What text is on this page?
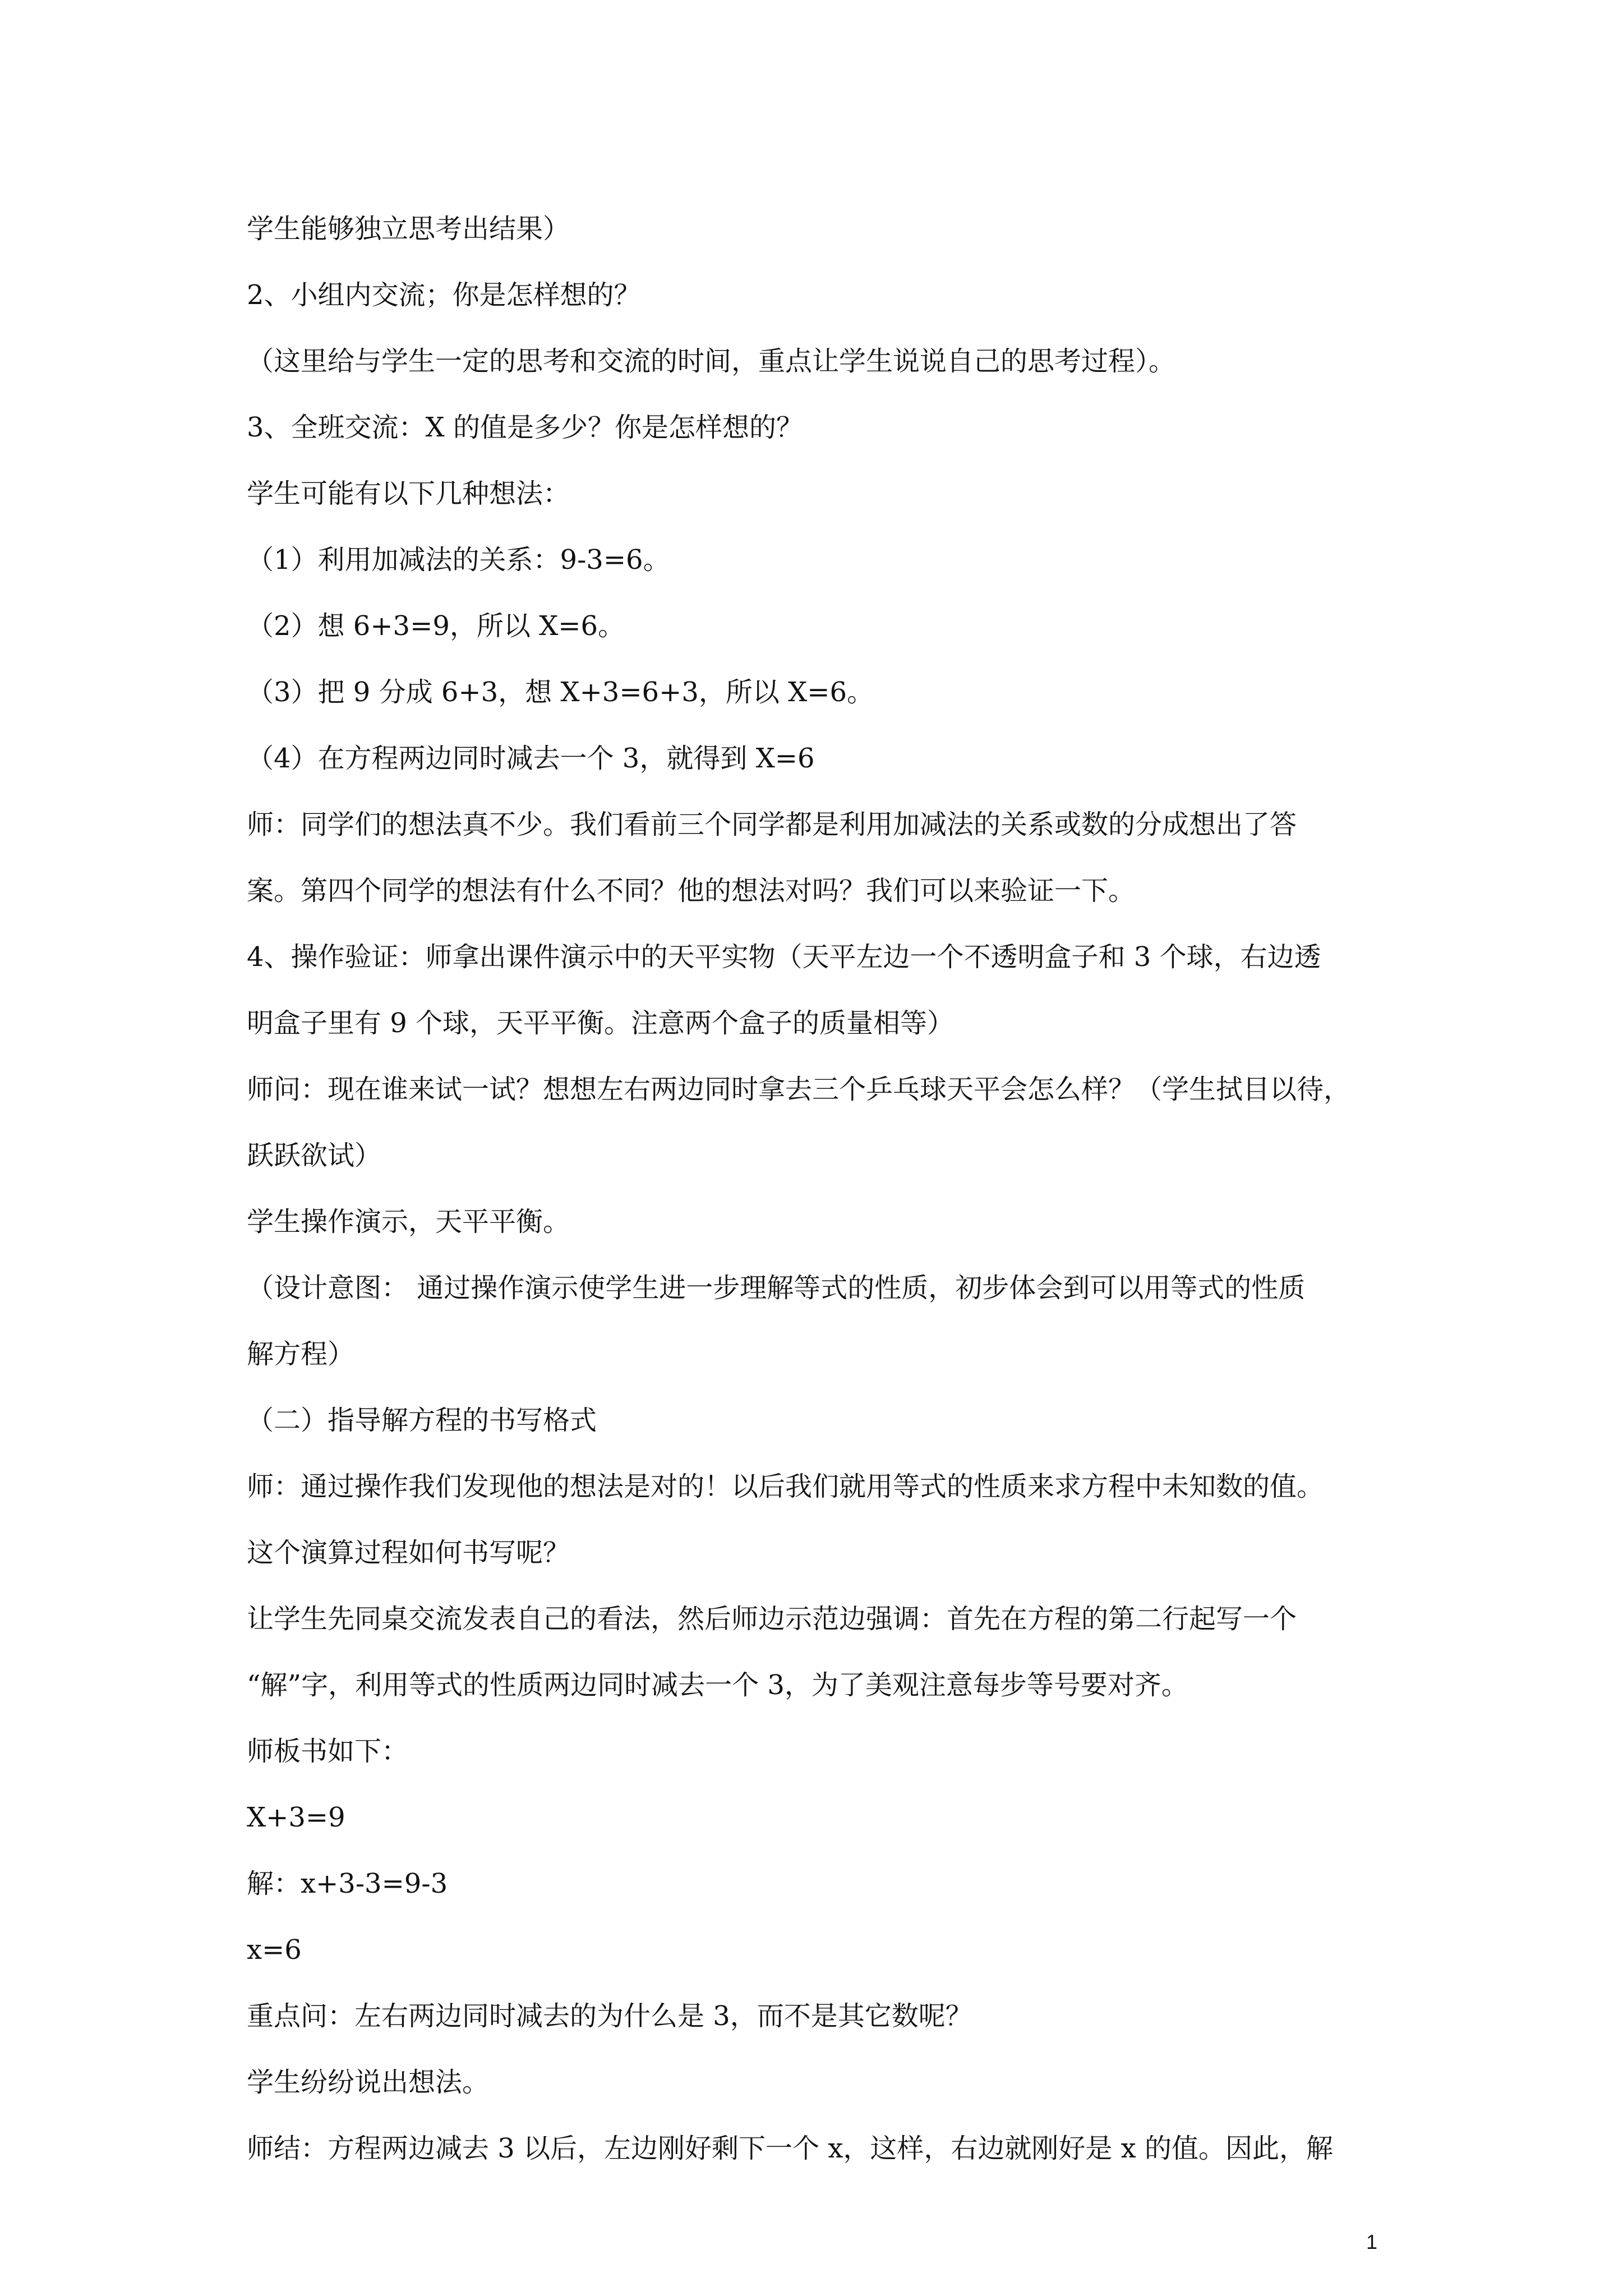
学生能够独立思考出结果）
2、小组内交流；你是怎样想的？
（这里给与学生一定的思考和交流的时间，重点让学生说说自己的思考过程）。
3、全班交流：X 的值是多少？你是怎样想的？
学生可能有以下几种想法：
（1）利用加减法的关系：9-3=6。
（2）想 6+3=9，所以 X=6。
（3）把 9 分成 6+3，想 X+3=6+3，所以 X=6。
（4）在方程两边同时减去一个 3，就得到 X=6
师：同学们的想法真不少。我们看前三个同学都是利用加减法的关系或数的分成想出了答
案。第四个同学的想法有什么不同？他的想法对吗？我们可以来验证一下。
4、操作验证：师拿出课件演示中的天平实物（天平左边一个不透明盒子和 3 个球，右边透
明盒子里有 9 个球，天平平衡。注意两个盒子的质量相等）
师问：现在谁来试一试？想想左右两边同时拿去三个乒乓球天平会怎么样？（学生拭目以待，
跃跃欲试）
学生操作演示，天平平衡。
（设计意图： 通过操作演示使学生进一步理解等式的性质，初步体会到可以用等式的性质
解方程）
（二）指导解方程的书写格式
师：通过操作我们发现他的想法是对的！以后我们就用等式的性质来求方程中未知数的值。
这个演算过程如何书写呢？
让学生先同桌交流发表自己的看法，然后师边示范边强调：首先在方程的第二行起写一个
“解”字，利用等式的性质两边同时减去一个 3，为了美观注意每步等号要对齐。
师板书如下：
X+3=9
解：x+3-3=9-3
x=6
重点问：左右两边同时减去的为什么是 3，而不是其它数呢？
学生纷纷说出想法。
师结：方程两边减去 3 以后，左边刚好剩下一个 x，这样，右边就刚好是 x 的值。因此，解
1
